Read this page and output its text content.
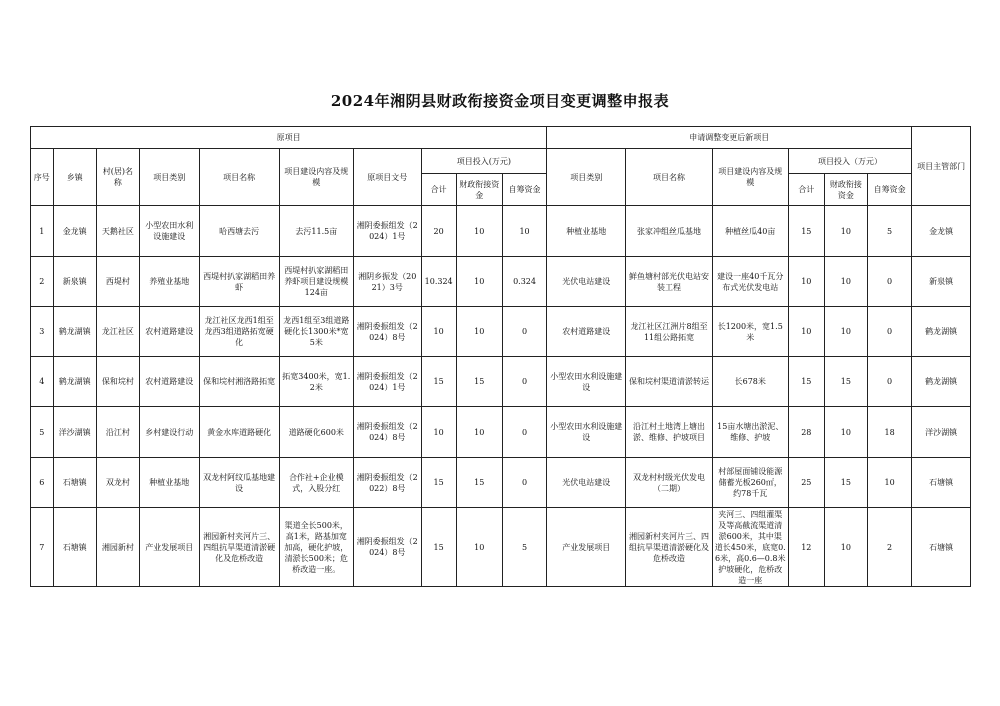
2024年湘阴县财政衔接资金项目变更调整申报表
原项目										申请调整变更后新项目						项目主管部门
序号	乡镇	村(居)名称	项目类别	项目名称	项目建设内容及规 模	原项目文号	项目投入(万元)			项目类别	项目名称	项目建设内容及规模	项目投入（万元）			
							合计	财政衔接资金	自筹资金				合计	财政衔接资金	自筹资金	
1	金龙镇	天鹅社区	小型农田水利设施建设	哈西塘去污	去污11.5亩	湘阴委振组发（2024）1号	20	10	10	种植业基地	张家冲组丝瓜基地	种植丝瓜40亩	15	10	5	金龙镇
2	新泉镇	西堤村	养殖业基地	西堤村扒家湖稻田养虾	西堤村扒家湖稻田养虾项目建设规模124亩	湘阴乡振发（2021）3号	10.324	10	0.324	光伏电站建设	鲜鱼塘村部光伏电站安装工程	建设一座40千瓦分布式光伏发电站	10	10	0	新泉镇
3	鹤龙湖镇	龙江社区	农村道路建设	龙江社区龙西1组至龙西3组道路拓宽硬化	龙西1组至3组道路硬化长1300米*宽5米	湘阴委振组发（2024）8号	10	10	0	农村道路建设	龙江社区江洲片8组至11组公路拓宽	长1200米，宽1.5米	10	10	0	鹤龙湖镇
4	鹤龙湖镇	保和垸村	农村道路建设	保和垸村湘洛路拓宽	拓宽3400米，宽1.2米	湘阴委振组发（2024）1号	15	15	0	小型农田水利设施建设	保和垸村渠道清淤转运	长678米	15	15	0	鹤龙湖镇
5	洋沙湖镇	沿江村	乡村建设行动	黄金水库道路硬化	道路硬化600米	湘阴委振组发（2024）8号	10	10	0	小型农田水利设施建设	沿江村土地湾上塘出淤、维修、护坡项目	15亩水塘出淤泥、维修、护坡	28	10	18	洋沙湖镇
6	石塘镇	双龙村	种植业基地	双龙村阿纹瓜基地建设	合作社+企业模式，入股分红	湘阴委振组发（2022）8号	15	15	0	光伏电站建设	双龙村村级光伏发电（二期）	村部屋面铺设能源储蓄光板260㎡，约78千瓦	25	15	10	石塘镇
7	石塘镇	湘园新村	产业发展项目	湘园新村夹河片三、四组抗旱渠道清淤硬化及危桥改造	渠道全长500米，高1米，路基加宽加高，硬化护坡，清淤长500米；危桥改造一座。	湘阴委振组发（2024）8号	15	10	5	产业发展项目	湘园新村夹河片三、四组抗旱渠道清淤硬化及危桥改造	夹河三、四组灌渠及等高截流渠道清淤600米，其中渠道长450米，底宽0.6米，高0.6—0.8米护坡硬化，危桥改造一座	12	10	2	石塘镇
